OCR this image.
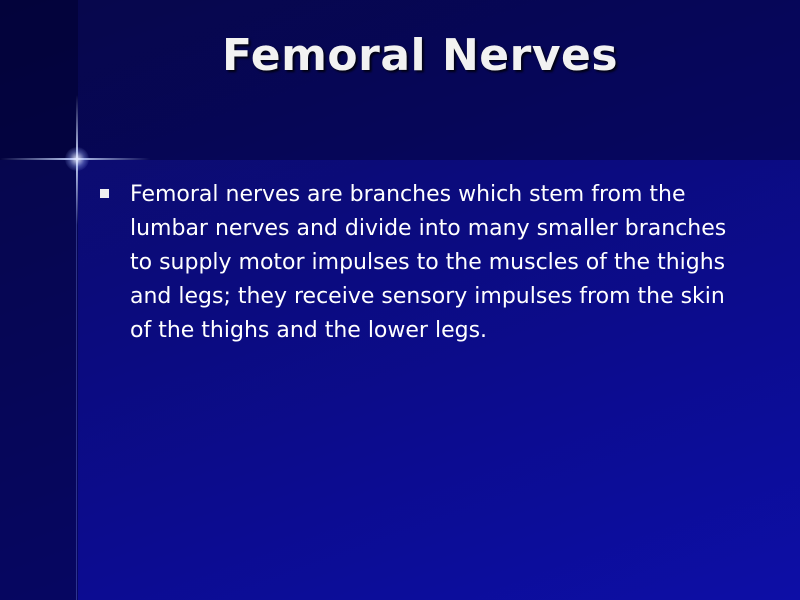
Femoral Nerves
Femoral nerves are branches which stem from the lumbar nerves and divide into many smaller branches to supply motor impulses to the muscles of the thighs and legs; they receive sensory impulses from the skin of the thighs and the lower legs.
